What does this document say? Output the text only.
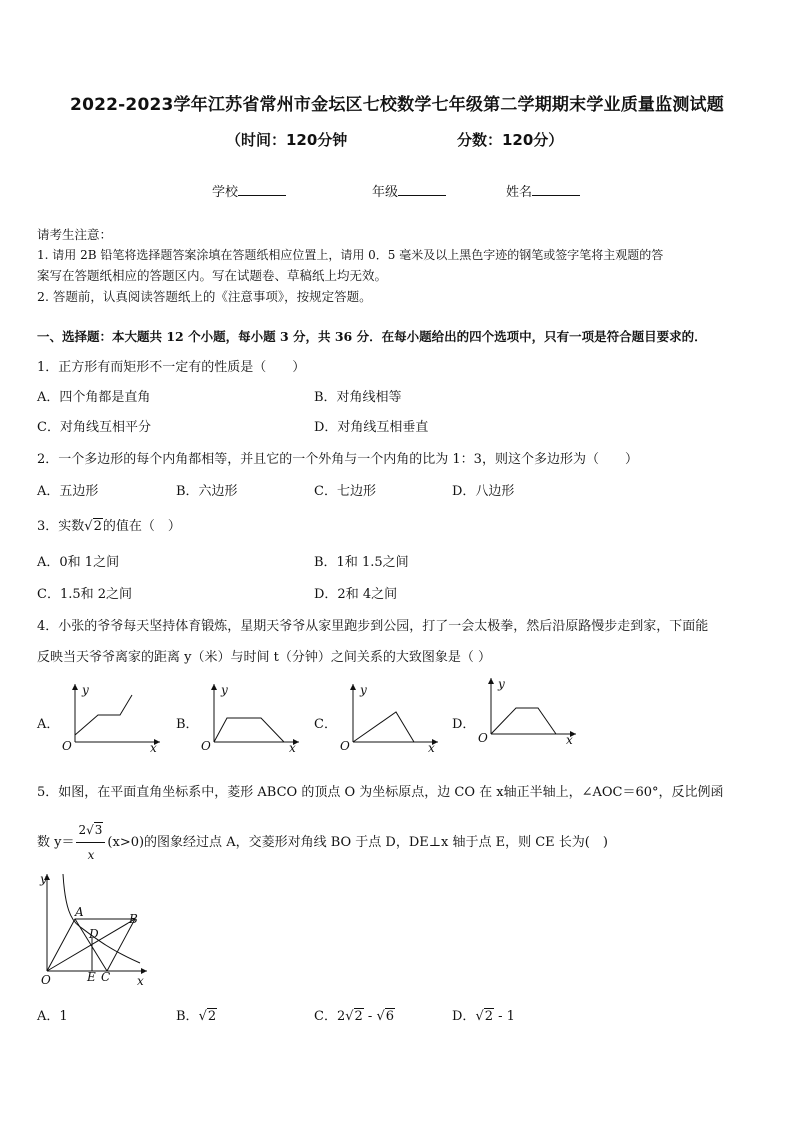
2022-2023学年江苏省常州市金坛区七校数学七年级第二学期期末学业质量监测试题
（时间：120分钟	分数：120分）
学校	年级	姓名
请考生注意：
1. 请用 2B 铅笔将选择题答案涂填在答题纸相应位置上，请用 0．5 毫米及以上黑色字迹的钢笔或签字笔将主观题的答
案写在答题纸相应的答题区内。写在试题卷、草稿纸上均无效。
2. 答题前，认真阅读答题纸上的《注意事项》，按规定答题。
一、选择题：本大题共 12 个小题，每小题 3 分，共 36 分．在每小题给出的四个选项中，只有一项是符合题目要求的．
1．正方形有而矩形不一定有的性质是（　　）
A．四个角都是直角	B．对角线相等
C．对角线互相平分	D．对角线互相垂直
2．一个多边形的每个内角都相等，并且它的一个外角与一个内角的比为 1：3，则这个多边形为（　　）
A．五边形	B．六边形	C．七边形	D．八边形
3．实数√2的值在（　）
A．0和 1之间	B．1和 1.5之间
C．1.5和 2之间	D．2和 4之间
4．小张的爷爷每天坚持体育锻炼，星期天爷爷从家里跑步到公园，打了一会太极拳，然后沿原路慢步走到家，下面能
反映当天爷爷离家的距离 y（米）与时间 t（分钟）之间关系的大致图象是（ ）
A．
y
x
O
B．
y
x
O
C．
y
x
O
D．
y
x
O
5．如图，在平面直角坐标系中，菱形 ABCO 的顶点 O 为坐标原点，边 CO 在 x轴正半轴上，∠AOC＝60°，反比例函
数 $y= \frac{2√3}{x} (x>0)$的图象经过点 A，交菱形对角线 BO 于点 D，DE⊥x 轴于点 E，则 CE 长为(　)
y
x
O
A	B
D
E C
A．1	B．√2	C．2√2 - √6	D．√2 - 1
